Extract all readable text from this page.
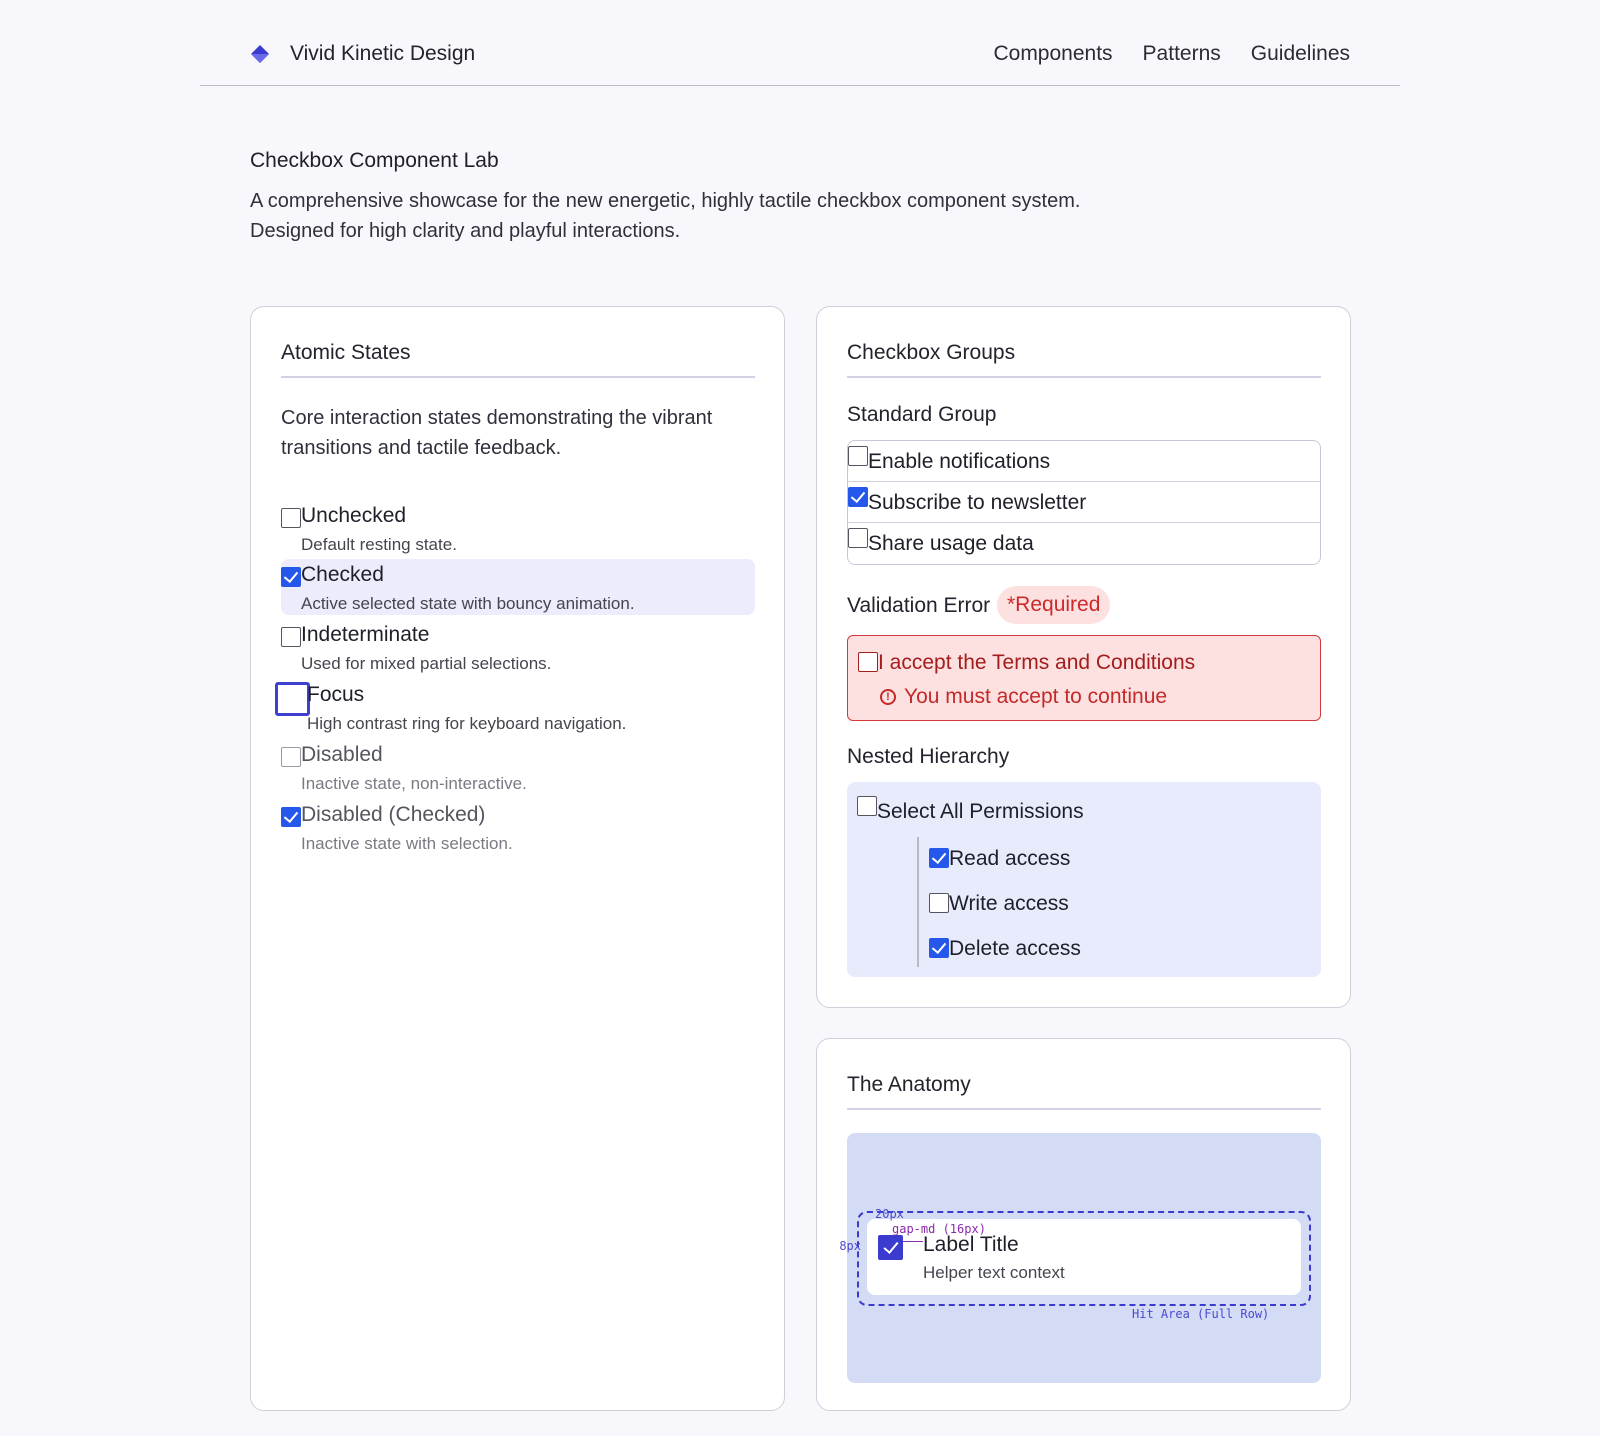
Vivid Kinetic Design	Components Patterns Guidelines
Checkbox Component Lab

A comprehensive showcase for the new energetic, highly tactile checkbox component system. Designed for high clarity and playful interactions.

Atomic States

Core interaction states demonstrating the vibrant transitions and tactile feedback.

Unchecked
Default resting state.
Checked
Active selected state with bouncy animation.
Indeterminate
Used for mixed partial selections.
Focus
High contrast ring for keyboard navigation.
Disabled
Inactive state, non-interactive.
Disabled (Checked)
Inactive state with selection.
Checkbox Groups
Standard Group
Enable notifications
Subscribe to newsletter
Share usage data
Validation Error *Required
I accept the Terms and Conditions
! You must accept to continue
Nested Hierarchy
Select All Permissions
Read access
Write access
Delete access
The Anatomy
Label Title
Helper text context
20px
gap-md (16px)
8px
Hit Area (Full Row)
